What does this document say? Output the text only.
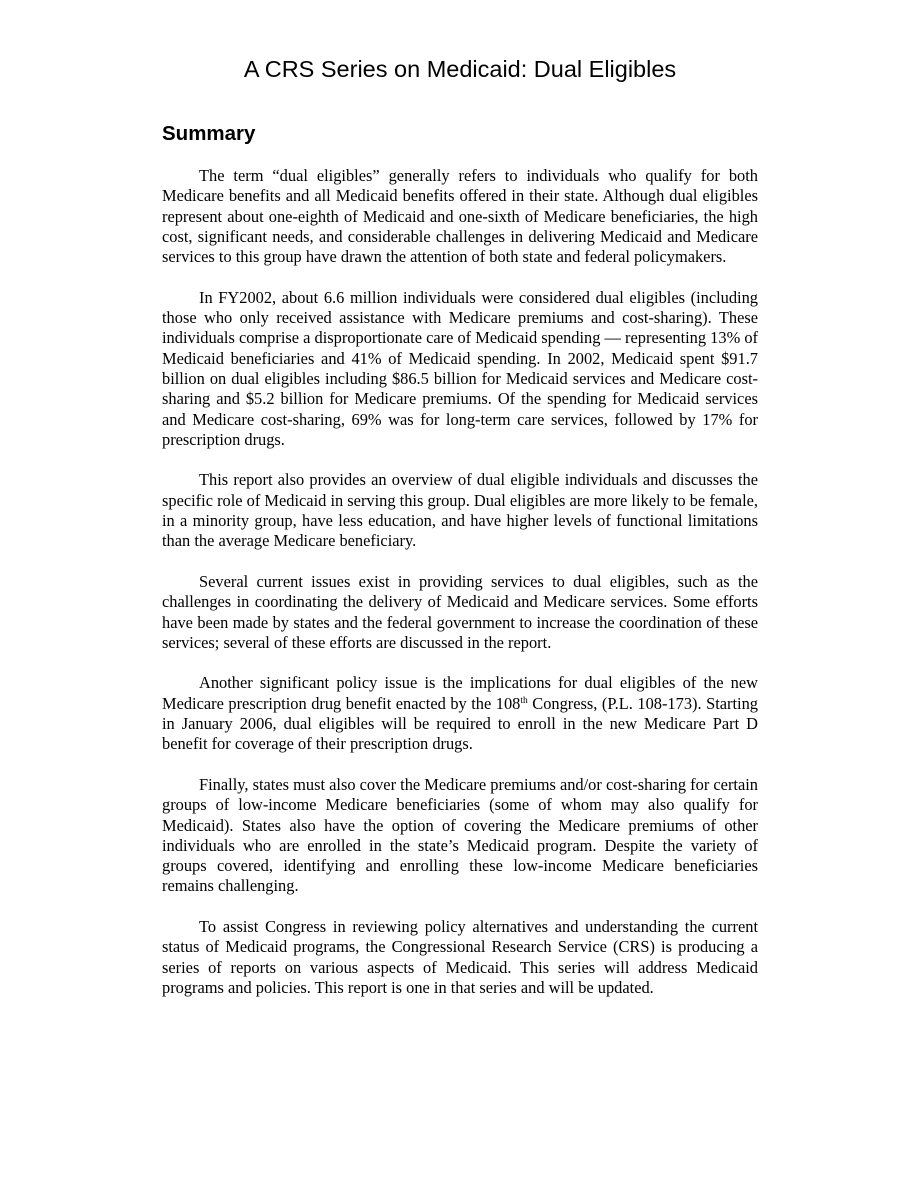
A CRS Series on Medicaid: Dual Eligibles
Summary

The term “dual eligibles” generally refers to individuals who qualify for both Medicare benefits and all Medicaid benefits offered in their state. Although dual eligibles represent about one-eighth of Medicaid and one-sixth of Medicare beneficiaries, the high cost, significant needs, and considerable challenges in delivering Medicaid and Medicare services to this group have drawn the attention of both state and federal policymakers.

In FY2002, about 6.6 million individuals were considered dual eligibles (including those who only received assistance with Medicare premiums and cost-sharing). These individuals comprise a disproportionate care of Medicaid spending — representing 13% of Medicaid beneficiaries and 41% of Medicaid spending. In 2002, Medicaid spent $91.7 billion on dual eligibles including $86.5 billion for Medicaid services and Medicare cost-sharing and $5.2 billion for Medicare premiums. Of the spending for Medicaid services and Medicare cost-sharing, 69% was for long-term care services, followed by 17% for prescription drugs.

This report also provides an overview of dual eligible individuals and discusses the specific role of Medicaid in serving this group. Dual eligibles are more likely to be female, in a minority group, have less education, and have higher levels of functional limitations than the average Medicare beneficiary.

Several current issues exist in providing services to dual eligibles, such as the challenges in coordinating the delivery of Medicaid and Medicare services. Some efforts have been made by states and the federal government to increase the coordination of these services; several of these efforts are discussed in the report.

Another significant policy issue is the implications for dual eligibles of the new Medicare prescription drug benefit enacted by the 108th Congress, (P.L. 108-173). Starting in January 2006, dual eligibles will be required to enroll in the new Medicare Part D benefit for coverage of their prescription drugs.

Finally, states must also cover the Medicare premiums and/or cost-sharing for certain groups of low-income Medicare beneficiaries (some of whom may also qualify for Medicaid). States also have the option of covering the Medicare premiums of other individuals who are enrolled in the state’s Medicaid program. Despite the variety of groups covered, identifying and enrolling these low-income Medicare beneficiaries remains challenging.

To assist Congress in reviewing policy alternatives and understanding the current status of Medicaid programs, the Congressional Research Service (CRS) is producing a series of reports on various aspects of Medicaid. This series will address Medicaid programs and policies. This report is one in that series and will be updated.
